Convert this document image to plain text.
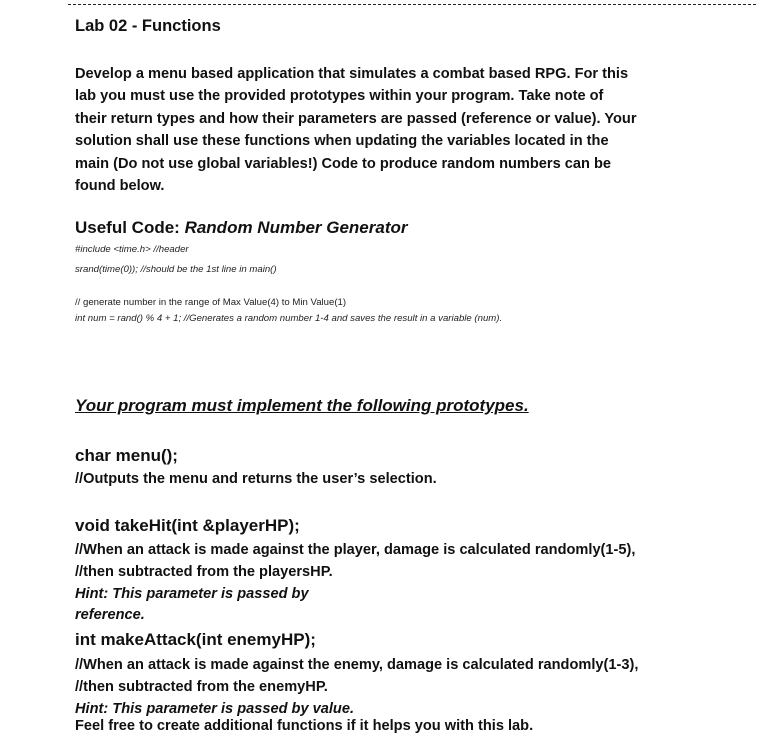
Lab 02 - Functions
Develop a menu based application that simulates a combat based RPG. For this
lab you must use the provided prototypes within your program. Take note of
their return types and how their parameters are passed (reference or value). Your
solution shall use these functions when updating the variables located in the
main (Do not use global variables!) Code to produce random numbers can be
found below.
Useful Code: Random Number Generator

#include <time.h> //header

srand(time(0)); //should be the 1st line in main()

// generate number in the range of Max Value(4) to Min Value(1)

int num = rand() % 4 + 1; //Generates a random number 1-4 and saves the result in a variable (num).

Your program must implement the following prototypes.

char menu();

//Outputs the menu and returns the user’s selection.

void takeHit(int &playerHP);

//When an attack is made against the player, damage is calculated randomly(1-5),
//then subtracted from the playersHP.
Hint: This parameter is passed by
reference.

int makeAttack(int enemyHP);

//When an attack is made against the enemy, damage is calculated randomly(1-3),
//then subtracted from the enemyHP.
Hint: This parameter is passed by value.

Feel free to create additional functions if it helps you with this lab.
